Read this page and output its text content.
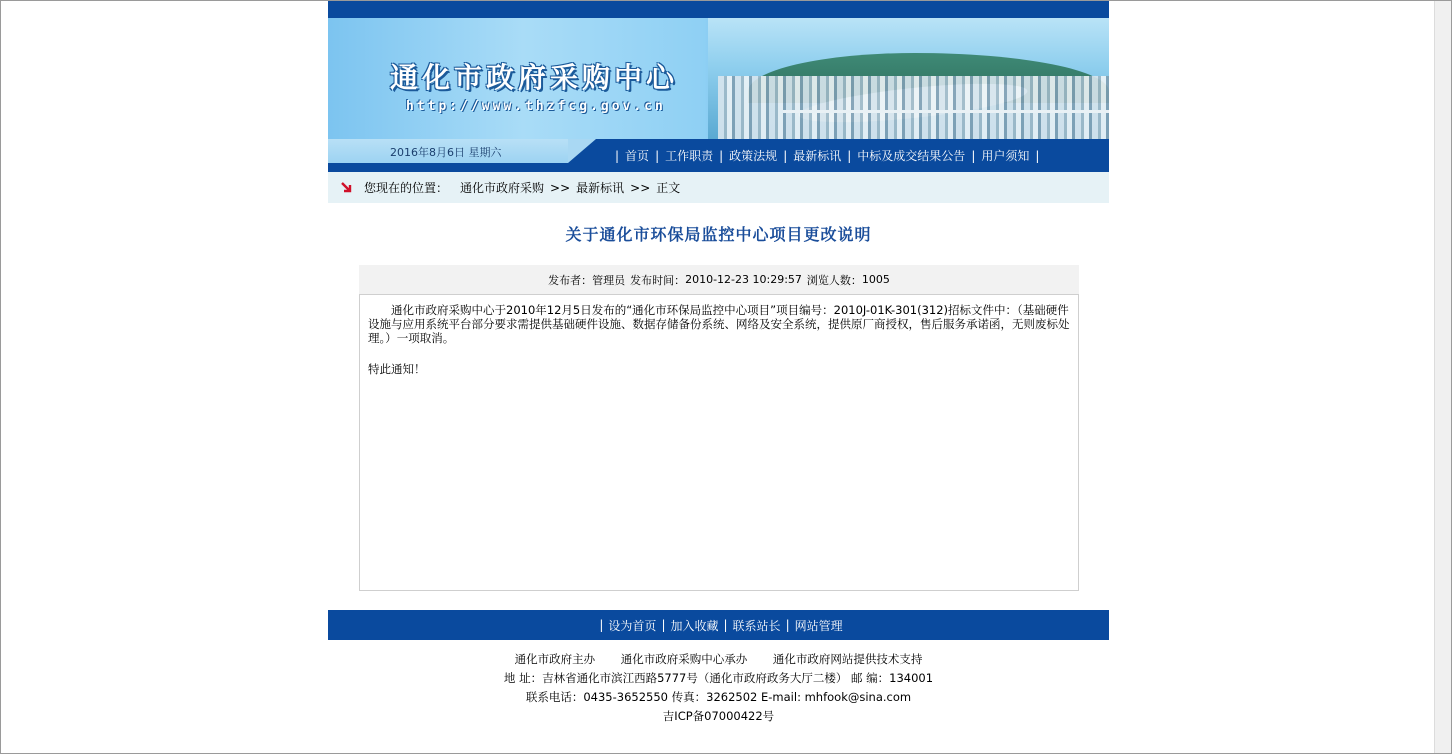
通化市政府采购中心
http://www.thzfcg.gov.cn
2016年8月6日 星期六	| 首页 | 工作职责 | 政策法规 | 最新标讯 | 中标及成交结果公告 | 用户须知 |
您现在的位置： 通化市政府采购 >> 最新标讯 >> 正文
关于通化市环保局监控中心项目更改说明
发布者： 管理员 发布时间： 2010-12-23 10:29:57 浏览人数： 1005

通化市政府采购中心于2010年12月5日发布的“通化市环保局监控中心项目”项目编号：2010J-01K-301(312)招标文件中：（基础硬件设施与应用系统平台部分要求需提供基础硬件设施、数据存储备份系统、网络及安全系统，提供原厂商授权，售后服务承诺函，无则废标处理。）一项取消。

特此通知！

| 设为首页 | 加入收藏 | 联系站长 | 网站管理
通化市政府主办 通化市政府采购中心承办 通化市政府网站提供技术支持
地 址：吉林省通化市滨江西路5777号（通化市政府政务大厅二楼） 邮 编：134001
联系电话：0435-3652550 传真：3262502 E-mail: mhfook@sina.com
吉ICP备07000422号
